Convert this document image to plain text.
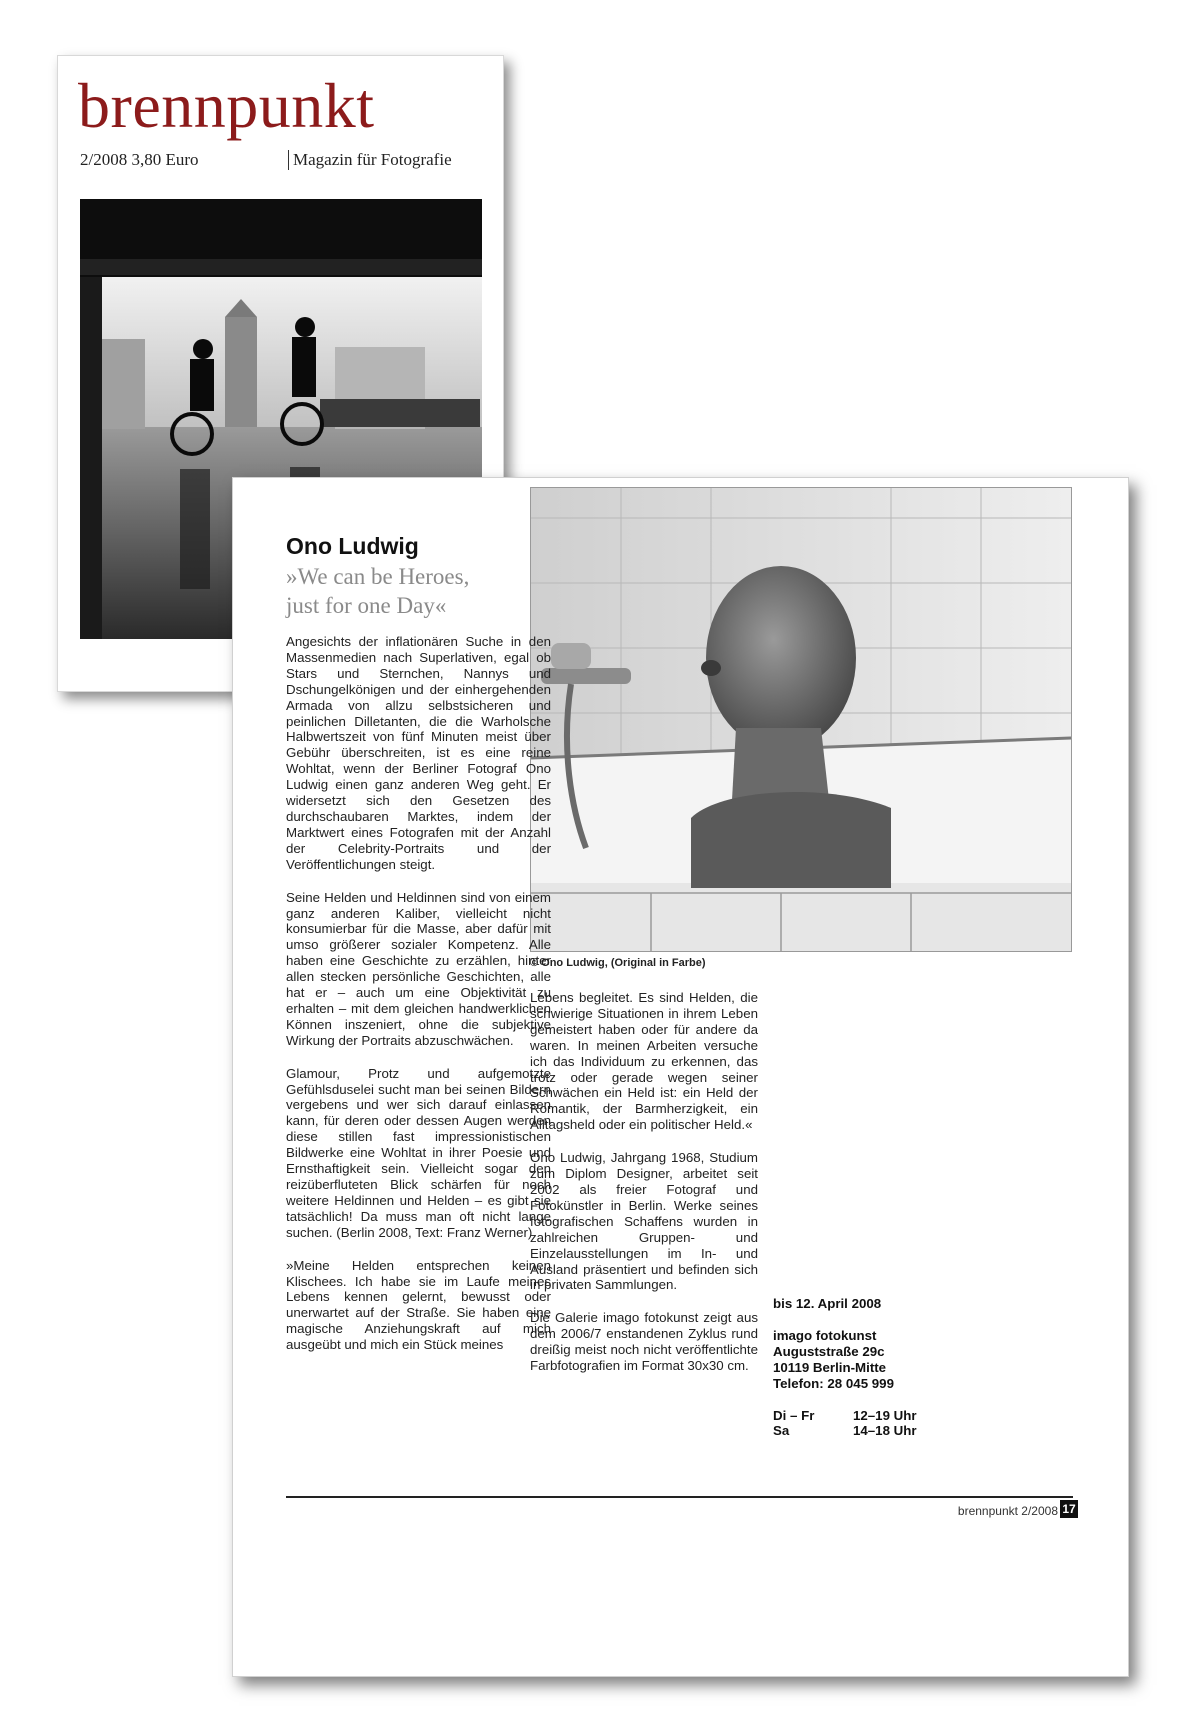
brennpunkt
2/2008 3,80 Euro	Magazin für Fotografie
Ono Ludwig
»We can be Heroes,
just for one Day«
© Ono Ludwig, (Original in Farbe)

Angesichts der inflationären Suche in den Massenmedien nach Superlativen, egal ob Stars und Sternchen, Nannys und Dschungelkönigen und der einhergehenden Armada von allzu selbstsicheren und peinlichen Dilletanten, die die Warholsche Halbwertszeit von fünf Minuten meist über Gebühr überschreiten, ist es eine reine Wohltat, wenn der Berliner Fotograf Ono Ludwig einen ganz anderen Weg geht. Er widersetzt sich den Gesetzen des durchschaubaren Marktes, indem der Marktwert eines Fotografen mit der Anzahl der Celebrity-Portraits und der Veröffentlichungen steigt.

Seine Helden und Heldinnen sind von einem ganz anderen Kaliber, vielleicht nicht konsumierbar für die Masse, aber dafür mit umso größerer sozialer Kompetenz. Alle haben eine Geschichte zu erzählen, hinter allen stecken persönliche Geschichten, alle hat er – auch um eine Objektivität zu erhalten – mit dem gleichen handwerklichen Können inszeniert, ohne die subjektive Wirkung der Portraits abzuschwächen.

Glamour, Protz und aufgemotzte Gefühlsduselei sucht man bei seinen Bildern vergebens und wer sich darauf einlassen kann, für deren oder dessen Augen werden diese stillen fast impressionistischen Bildwerke eine Wohltat in ihrer Poesie und Ernsthaftigkeit sein. Vielleicht sogar den reizüberfluteten Blick schärfen für noch weitere Heldinnen und Helden – es gibt sie tatsächlich! Da muss man oft nicht lange suchen. (Berlin 2008, Text: Franz Werner)

»Meine Helden entsprechen keinen Klischees. Ich habe sie im Laufe meines Lebens kennen gelernt, bewusst oder unerwartet auf der Straße. Sie haben eine magische Anziehungskraft auf mich ausgeübt und mich ein Stück meines

Lebens begleitet. Es sind Helden, die schwierige Situationen in ihrem Leben gemeistert haben oder für andere da waren. In meinen Arbeiten versuche ich das Individuum zu erkennen, das trotz oder gerade wegen seiner Schwächen ein Held ist: ein Held der Romantik, der Barmherzigkeit, ein Alltagsheld oder ein politischer Held.«

Ono Ludwig, Jahrgang 1968, Studium zum Diplom Designer, arbeitet seit 2002 als freier Fotograf und Fotokünstler in Berlin. Werke seines fotografischen Schaffens wurden in zahlreichen Gruppen- und Einzelausstellungen im In- und Ausland präsentiert und befinden sich in privaten Sammlungen.

Die Galerie imago fotokunst zeigt aus dem 2006/7 enstandenen Zyklus rund dreißig meist noch nicht veröffentlichte Farbfotografien im Format 30x30 cm.

bis 12. April 2008
imago fotokunst
Auguststraße 29c
10119 Berlin-Mitte
Telefon: 28 045 999
Di – Fr	12–19 Uhr
Sa	14–18 Uhr
brennpunkt 2/2008 17
